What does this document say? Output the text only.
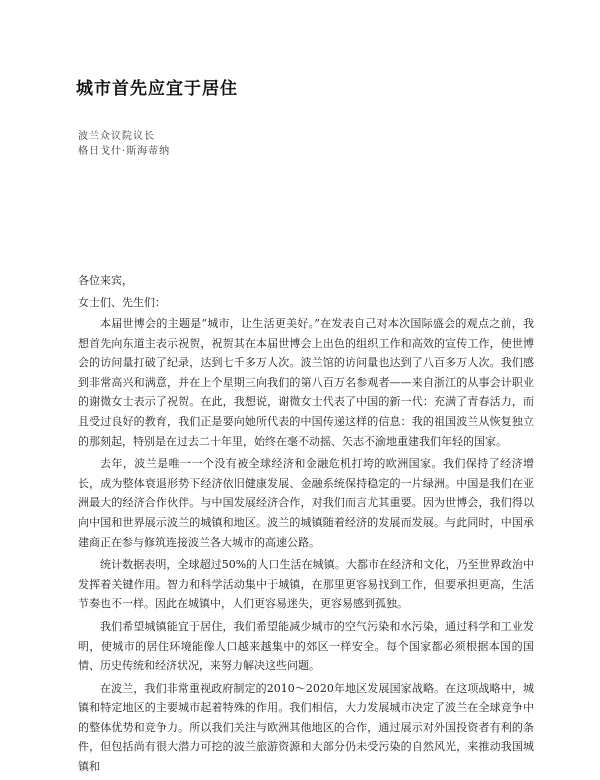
城市首先应宜于居住
波兰众议院议长
格日戈什·斯海蒂纳
各位来宾，
女士们、先生们：

本届世博会的主题是“城市，让生活更美好。”在发表自己对本次国际盛会的观点之前，我想首先向东道主表示祝贺，祝贺其在本届世博会上出色的组织工作和高效的宣传工作，使世博会的访问量打破了纪录，达到七千多万人次。波兰馆的访问量也达到了八百多万人次。我们感到非常高兴和满意，并在上个星期三向我们的第八百万名参观者——来自浙江的从事会计职业的谢微女士表示了祝贺。在此，我想说，谢微女士代表了中国的新一代：充满了青春活力，而且受过良好的教育，我们正是要向她所代表的中国传递这样的信息：我的祖国波兰从恢复独立的那刻起，特别是在过去二十年里，始终在毫不动摇、矢志不渝地重建我们年轻的国家。

去年，波兰是唯一一个没有被全球经济和金融危机打垮的欧洲国家。我们保持了经济增长，成为整体衰退形势下经济依旧健康发展、金融系统保持稳定的一片绿洲。中国是我们在亚洲最大的经济合作伙伴。与中国发展经济合作，对我们而言尤其重要。因为世博会，我们得以向中国和世界展示波兰的城镇和地区。波兰的城镇随着经济的发展而发展。与此同时，中国承建商正在参与修筑连接波兰各大城市的高速公路。

统计数据表明，全球超过50%的人口生活在城镇。大都市在经济和文化，乃至世界政治中发挥着关键作用。智力和科学活动集中于城镇，在那里更容易找到工作，但要承担更高，生活节奏也不一样。因此在城镇中，人们更容易迷失，更容易感到孤独。

我们希望城镇能宜于居住，我们希望能减少城市的空气污染和水污染，通过科学和工业发明，使城市的居住环境能像人口越来越集中的郊区一样安全。每个国家都必须根据本国的国情、历史传统和经济状况，来努力解决这些问题。

在波兰，我们非常重视政府制定的2010～2020年地区发展国家战略。在这项战略中，城镇和特定地区的主要城市起着特殊的作用。我们相信，大力发展城市决定了波兰在全球竞争中的整体优势和竞争力。所以我们关注与欧洲其他地区的合作，通过展示对外国投资者有利的条件，但包括尚有很大潜力可挖的波兰旅游资源和大部分仍未受污染的自然风光，来推动我国城镇和
